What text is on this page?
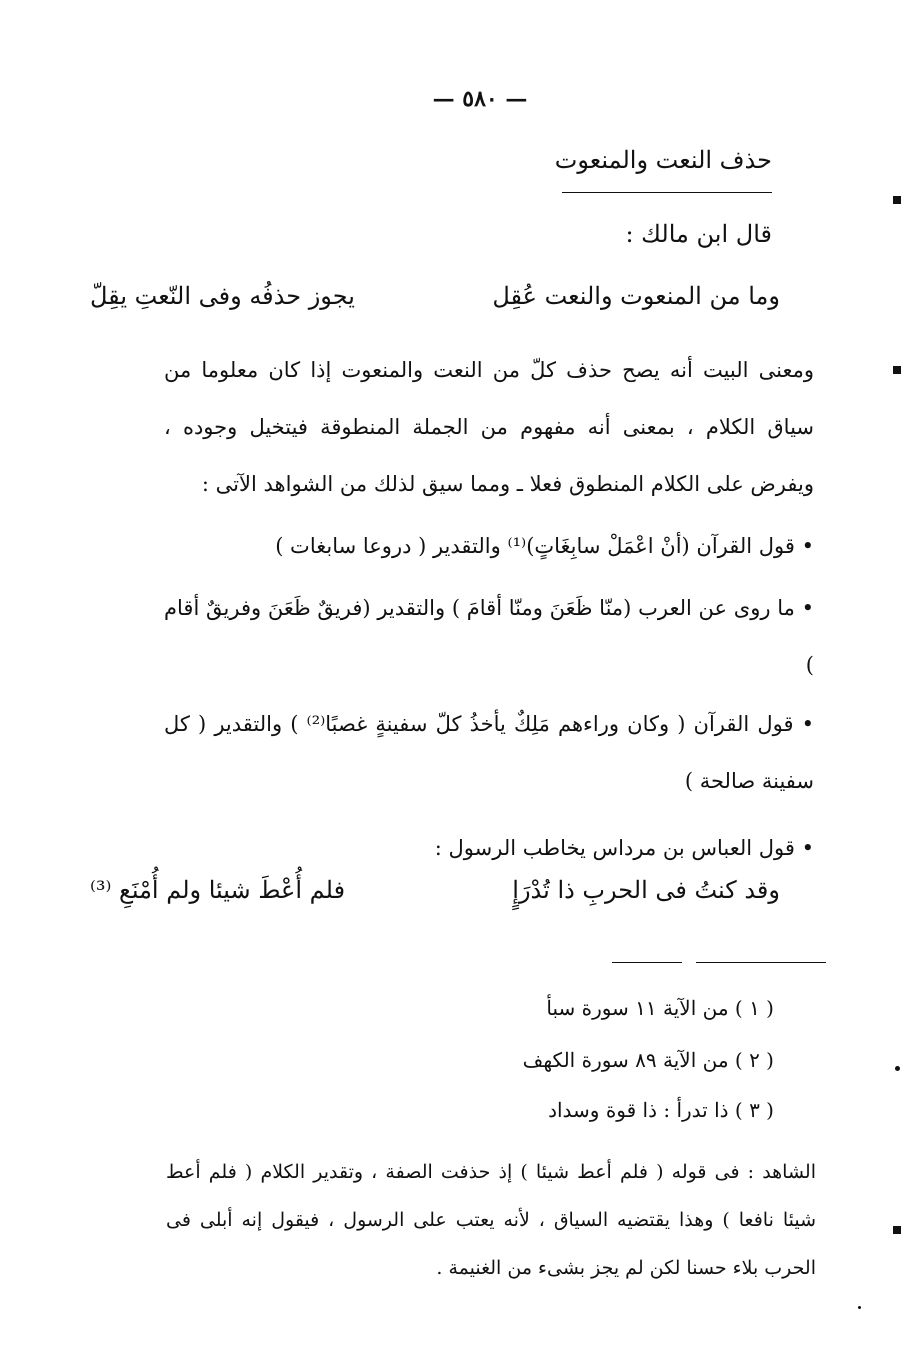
— ٥٨٠ —
حذف النعت والمنعوت
قال ابن مالك :
وما من المنعوت والنعت عُقِل
يجوز حذفُه وفى النّعتِ يقِلّ
ومعنى البيت أنه يصح حذف كلّ من النعت والمنعوت إذا كان معلوما من سياق الكلام ، بمعنى أنه مفهوم من الجملة المنطوقة فيتخيل وجوده ، ويفرض على الكلام المنطوق فعلا ـ ومما سيق لذلك من الشواهد الآتى :
• قول القرآن (أنْ اعْمَلْ سابِغَاتٍ)⁽¹⁾ والتقدير ( دروعا سابغات )
• ما روى عن العرب (منّا ظَعَنَ ومنّا أقامَ ) والتقدير (فريقٌ ظَعَنَ وفريقٌ أقام )
• قول القرآن ( وكان وراءهم مَلِكٌ يأخذُ كلّ سفينةٍ غصبًا⁽²⁾ ) والتقدير ( كل سفينة صالحة )
• قول العباس بن مرداس يخاطب الرسول :
وقد كنتُ فى الحربِ ذا تُدْرَإٍ
فلم أُعْطَ شيئا ولم أُمْنَعِ ⁽³⁾
( ١ ) من الآية ١١ سورة سبأ
( ٢ ) من الآية ٨٩ سورة الكهف
( ٣ ) ذا تدرأ : ذا قوة وسداد
الشاهد : فى قوله ( فلم أعط شيئا ) إذ حذفت الصفة ، وتقدير الكلام ( فلم أعط شيئا نافعا ) وهذا يقتضيه السياق ، لأنه يعتب على الرسول ، فيقول إنه أبلى فى الحرب بلاء حسنا لكن لم يجز بشىء من الغنيمة .
